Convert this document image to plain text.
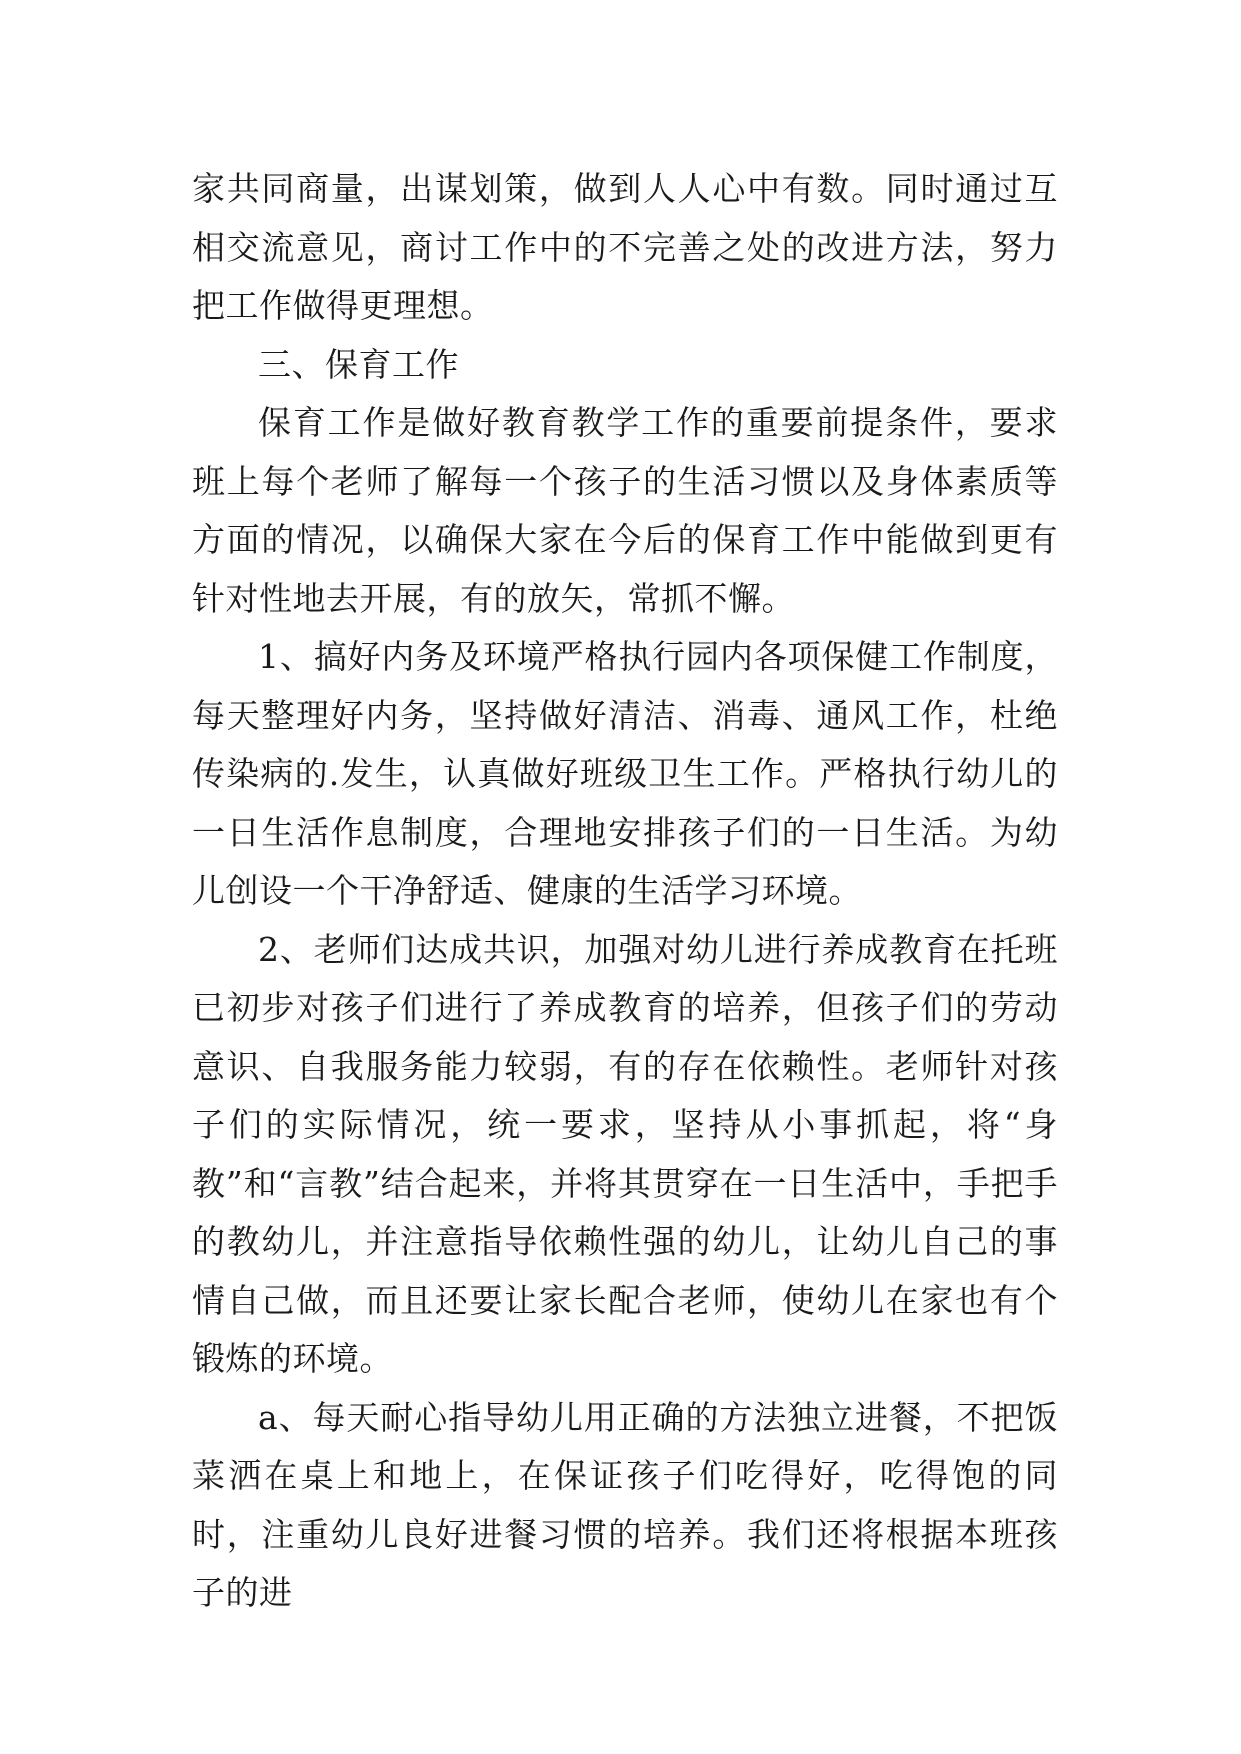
家共同商量，出谋划策，做到人人心中有数。同时通过互相交流意见，商讨工作中的不完善之处的改进方法，努力把工作做得更理想。

三、保育工作

保育工作是做好教育教学工作的重要前提条件，要求班上每个老师了解每一个孩子的生活习惯以及身体素质等方面的情况，以确保大家在今后的保育工作中能做到更有针对性地去开展，有的放矢，常抓不懈。

1、搞好内务及环境严格执行园内各项保健工作制度，每天整理好内务，坚持做好清洁、消毒、通风工作，杜绝传染病的.发生，认真做好班级卫生工作。严格执行幼儿的一日生活作息制度，合理地安排孩子们的一日生活。为幼儿创设一个干净舒适、健康的生活学习环境。

2、老师们达成共识，加强对幼儿进行养成教育在托班已初步对孩子们进行了养成教育的培养，但孩子们的劳动意识、自我服务能力较弱，有的存在依赖性。老师针对孩子们的实际情况，统一要求，坚持从小事抓起，将“身教”和“言教”结合起来，并将其贯穿在一日生活中，手把手的教幼儿，并注意指导依赖性强的幼儿，让幼儿自己的事情自己做，而且还要让家长配合老师，使幼儿在家也有个锻炼的环境。

a、每天耐心指导幼儿用正确的方法独立进餐，不把饭菜洒在桌上和地上，在保证孩子们吃得好，吃得饱的同时，注重幼儿良好进餐习惯的培养。我们还将根据本班孩子的进
